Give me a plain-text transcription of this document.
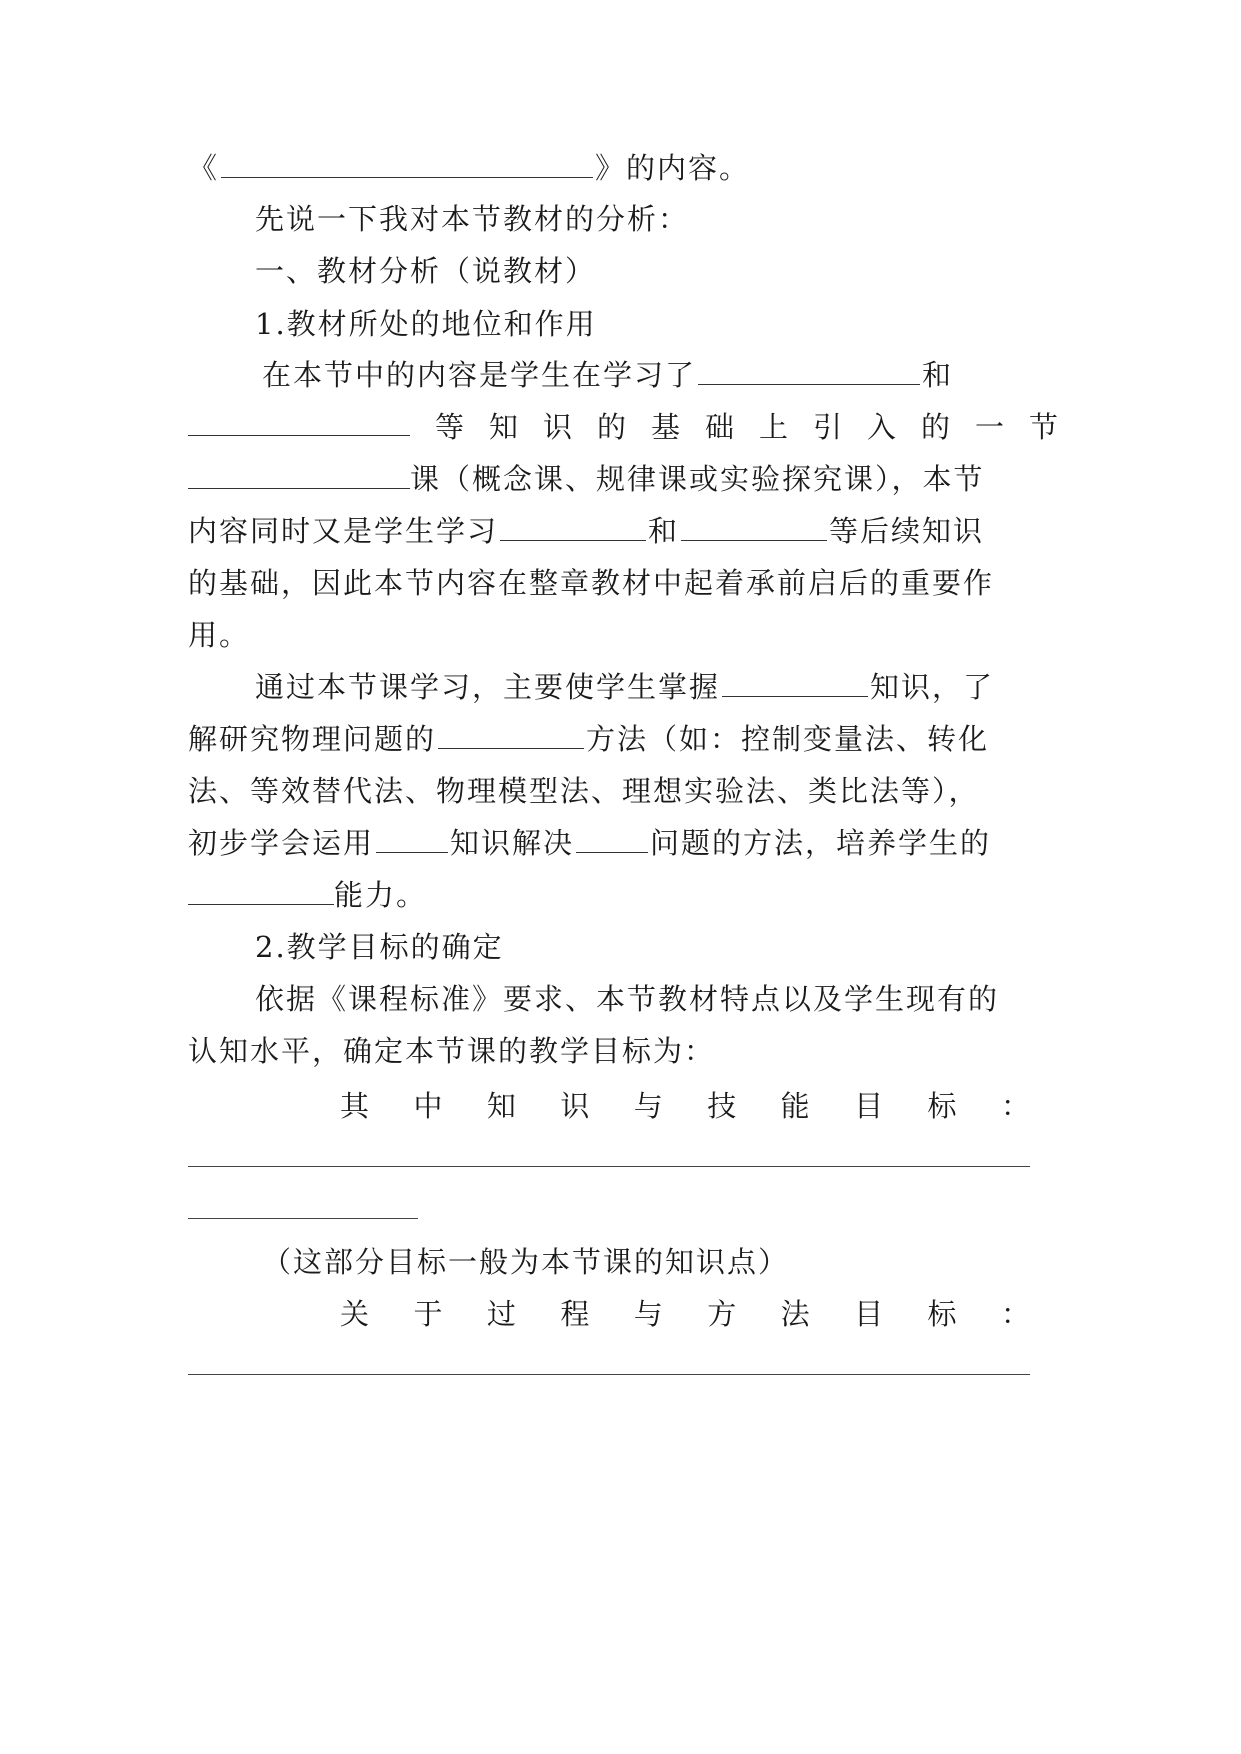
《	》的内容。
先说一下我对本节教材的分析：
一、教材分析（说教材）
1.教材所处的地位和作用
在本节中的内容是学生在学习了	和
等 知 识 的 基 础 上 引 入 的 一 节
课（概念课、规律课或实验探究课），本节
内容同时又是学生学习	和	等后续知识
的基础，因此本节内容在整章教材中起着承前启后的重要作
用。
通过本节课学习，主要使学生掌握	知识，了
解研究物理问题的	方法（如：控制变量法、转化
法、等效替代法、物理模型法、理想实验法、类比法等），
初步学会运用	知识解决	问题的方法，培养学生的
能力。
2.教学目标的确定
依据《课程标准》要求、本节教材特点以及学生现有的
认知水平，确定本节课的教学目标为：
其 中 知 识 与 技 能 目 标 ：
（这部分目标一般为本节课的知识点）
关 于 过 程 与 方 法 目 标 ：
